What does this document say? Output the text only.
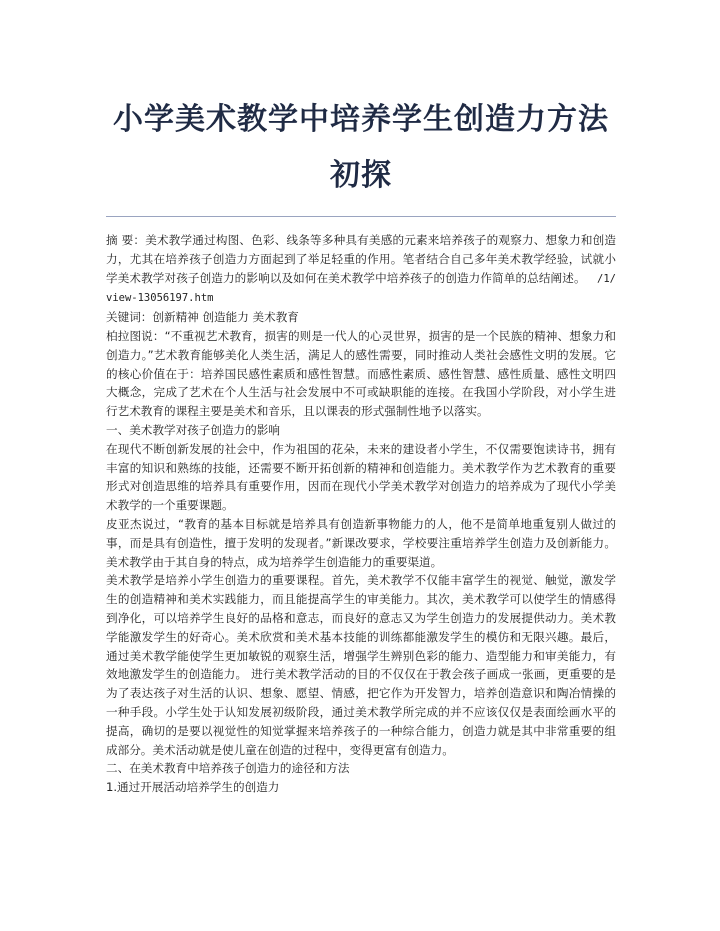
小学美术教学中培养学生创造力方法
初探

摘 要：美术教学通过构图、色彩、线条等多种具有美感的元素来培养孩子的观察力、想象力和创造力，尤其在培养孩子创造力方面起到了举足轻重的作用。笔者结合自己多年美术教学经验，试就小学美术教学对孩子创造力的影响以及如何在美术教学中培养孩子的创造力作简单的总结阐述。 /1/view-13056197.htm

关键词：创新精神 创造能力 美术教育

柏拉图说：“不重视艺术教育，损害的则是一代人的心灵世界，损害的是一个民族的精神、想象力和创造力。”艺术教育能够美化人类生活，满足人的感性需要，同时推动人类社会感性文明的发展。它的核心价值在于：培养国民感性素质和感性智慧。而感性素质、感性智慧、感性质量、感性文明四大概念，完成了艺术在个人生活与社会发展中不可或缺职能的连接。在我国小学阶段，对小学生进行艺术教育的课程主要是美术和音乐，且以课表的形式强制性地予以落实。

一、美术教学对孩子创造力的影响

在现代不断创新发展的社会中，作为祖国的花朵，未来的建设者小学生，不仅需要饱读诗书，拥有丰富的知识和熟练的技能，还需要不断开拓创新的精神和创造能力。美术教学作为艺术教育的重要形式对创造思维的培养具有重要作用，因而在现代小学美术教学对创造力的培养成为了现代小学美术教学的一个重要课题。

皮亚杰说过，“教育的基本目标就是培养具有创造新事物能力的人，他不是简单地重复别人做过的事，而是具有创造性，擅于发明的发现者。”新课改要求，学校要注重培养学生创造力及创新能力。美术教学由于其自身的特点，成为培养学生创造能力的重要渠道。

美术教学是培养小学生创造力的重要课程。首先，美术教学不仅能丰富学生的视觉、触觉，激发学生的创造精神和美术实践能力，而且能提高学生的审美能力。其次，美术教学可以使学生的情感得到净化，可以培养学生良好的品格和意志，而良好的意志又为学生创造力的发展提供动力。美术教学能激发学生的好奇心。美术欣赏和美术基本技能的训练都能激发学生的模仿和无限兴趣。最后，通过美术教学能使学生更加敏锐的观察生活，增强学生辨别色彩的能力、造型能力和审美能力，有效地激发学生的创造能力。 进行美术教学活动的目的不仅仅在于教会孩子画成一张画，更重要的是为了表达孩子对生活的认识、想象、愿望、情感，把它作为开发智力，培养创造意识和陶冶情操的一种手段。小学生处于认知发展初级阶段，通过美术教学所完成的并不应该仅仅是表面绘画水平的提高，确切的是要以视觉性的知觉掌握来培养孩子的一种综合能力，创造力就是其中非常重要的组成部分。美术活动就是使儿童在创造的过程中，变得更富有创造力。

二、在美术教育中培养孩子创造力的途径和方法

1.通过开展活动培养学生的创造力
